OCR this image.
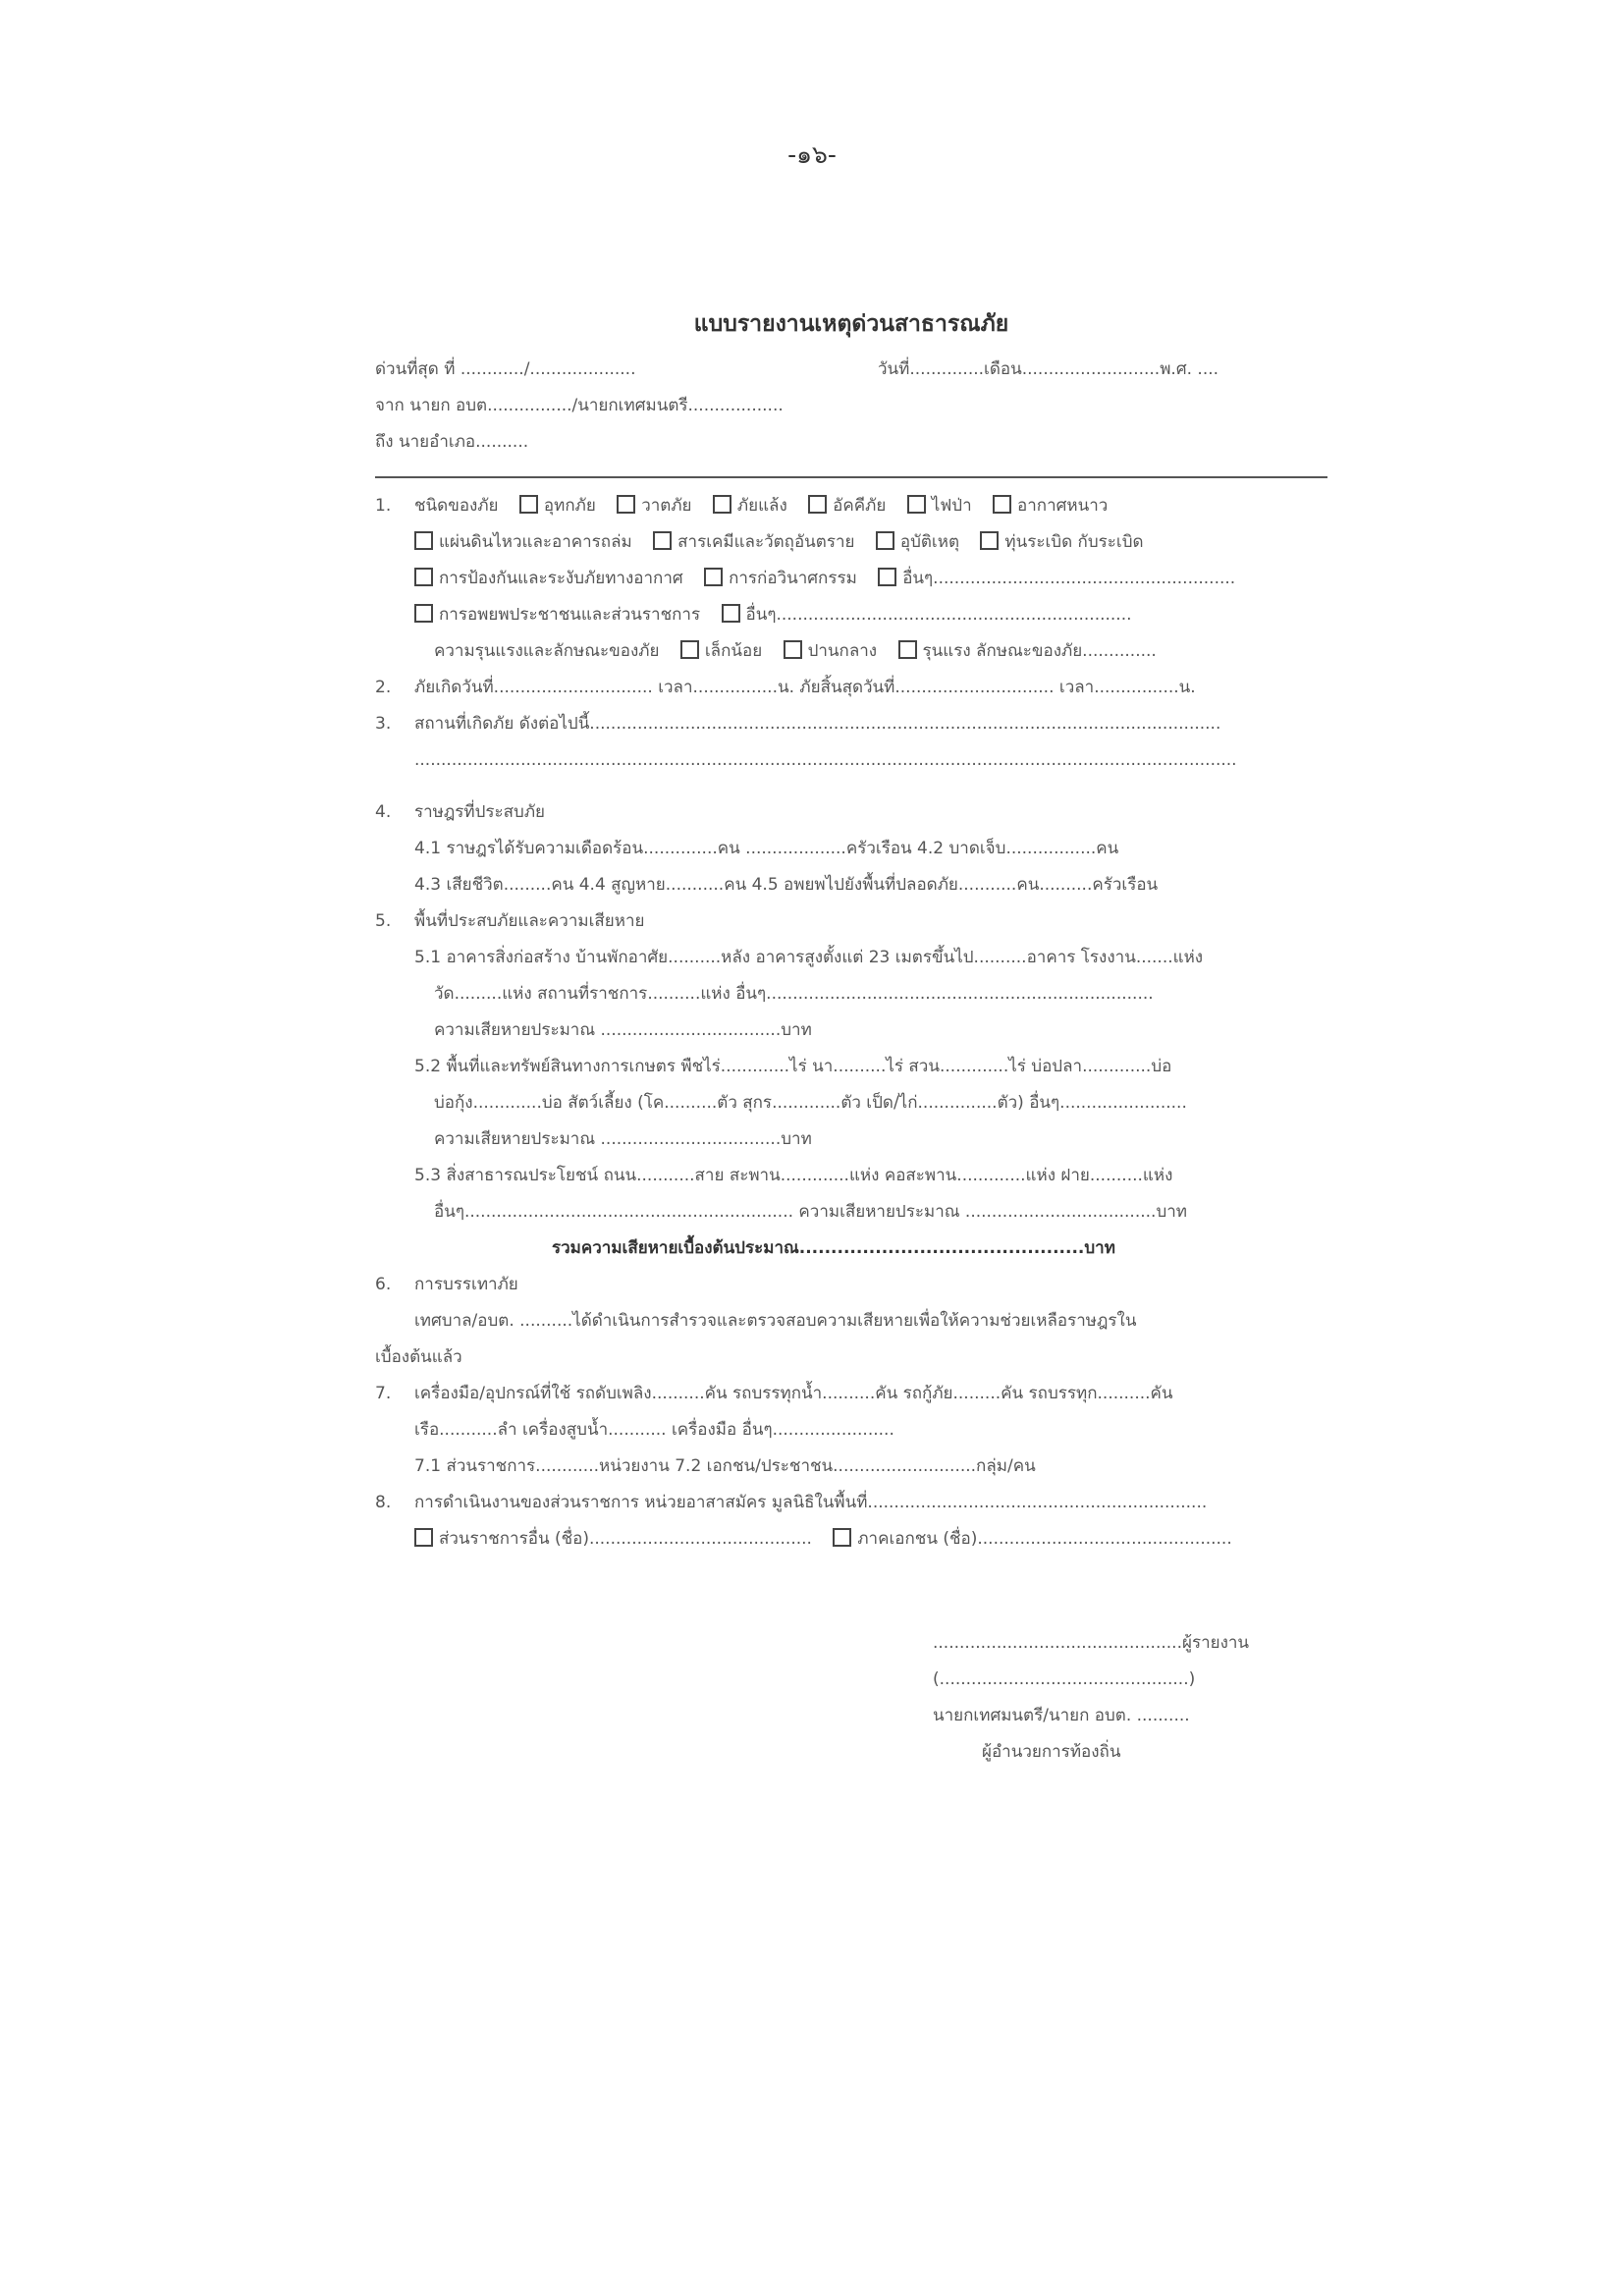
-๑๖-
แบบรายงานเหตุด่วนสาธารณภัย
ด่วนที่สุด ที่ ............/....................	วันที่..............เดือน..........................พ.ศ. ....
จาก นายก อบต................/นายกเทศมนตรี..................
ถึง นายอำเภอ..........
1. ชนิดของภัย	อุทกภัย	วาตภัย	ภัยแล้ง	อัคคีภัย	ไฟป่า	อากาศหนาว
แผ่นดินไหวและอาคารถล่ม	สารเคมีและวัตถุอันตราย	อุบัติเหตุ	ทุ่นระเบิด กับระเบิด
การป้องกันและระงับภัยทางอากาศ	การก่อวินาศกรรม	อื่นๆ.........................................................
การอพยพประชาชนและส่วนราชการ	อื่นๆ...................................................................
ความรุนแรงและลักษณะของภัย	เล็กน้อย	ปานกลาง	รุนแรง ลักษณะของภัย..............
2. ภัยเกิดวันที่.............................. เวลา................น. ภัยสิ้นสุดวันที่.............................. เวลา................น.
3. สถานที่เกิดภัย ดังต่อไปนี้.......................................................................................................................
...........................................................................................................................................................
4. ราษฎรที่ประสบภัย
4.1 ราษฎรได้รับความเดือดร้อน..............คน ...................ครัวเรือน 4.2 บาดเจ็บ.................คน
4.3 เสียชีวิต.........คน 4.4 สูญหาย...........คน 4.5 อพยพไปยังพื้นที่ปลอดภัย...........คน..........ครัวเรือน
5. พื้นที่ประสบภัยและความเสียหาย
5.1 อาคารสิ่งก่อสร้าง บ้านพักอาศัย..........หลัง อาคารสูงตั้งแต่ 23 เมตรขึ้นไป..........อาคาร โรงงาน.......แห่ง
วัด.........แห่ง สถานที่ราชการ..........แห่ง อื่นๆ.........................................................................
ความเสียหายประมาณ ..................................บาท
5.2 พื้นที่และทรัพย์สินทางการเกษตร พืชไร่.............ไร่ นา..........ไร่ สวน.............ไร่ บ่อปลา.............บ่อ
บ่อกุ้ง.............บ่อ สัตว์เลี้ยง (โค..........ตัว สุกร.............ตัว เป็ด/ไก่...............ตัว) อื่นๆ........................
ความเสียหายประมาณ ..................................บาท
5.3 สิ่งสาธารณประโยชน์ ถนน...........สาย สะพาน.............แห่ง คอสะพาน.............แห่ง ฝาย..........แห่ง
อื่นๆ.............................................................. ความเสียหายประมาณ ....................................บาท
รวมความเสียหายเบื้องต้นประมาณ.............................................บาท
6. การบรรเทาภัย
เทศบาล/อบต. ..........ได้ดำเนินการสำรวจและตรวจสอบความเสียหายเพื่อให้ความช่วยเหลือราษฎรใน
เบื้องต้นแล้ว
7. เครื่องมือ/อุปกรณ์ที่ใช้ รถดับเพลิง..........คัน รถบรรทุกน้ำ..........คัน รถกู้ภัย.........คัน รถบรรทุก..........คัน
เรือ...........ลำ เครื่องสูบน้ำ........... เครื่องมือ อื่นๆ.......................
7.1 ส่วนราชการ............หน่วยงาน 7.2 เอกชน/ประชาชน...........................กลุ่ม/คน
8. การดำเนินงานของส่วนราชการ หน่วยอาสาสมัคร มูลนิธิในพื้นที่................................................................
ส่วนราชการอื่น (ชื่อ)..........................................	ภาคเอกชน (ชื่อ)................................................
...............................................ผู้รายงาน
(...............................................)
นายกเทศมนตรี/นายก อบต. ..........
ผู้อำนวยการท้องถิ่น
